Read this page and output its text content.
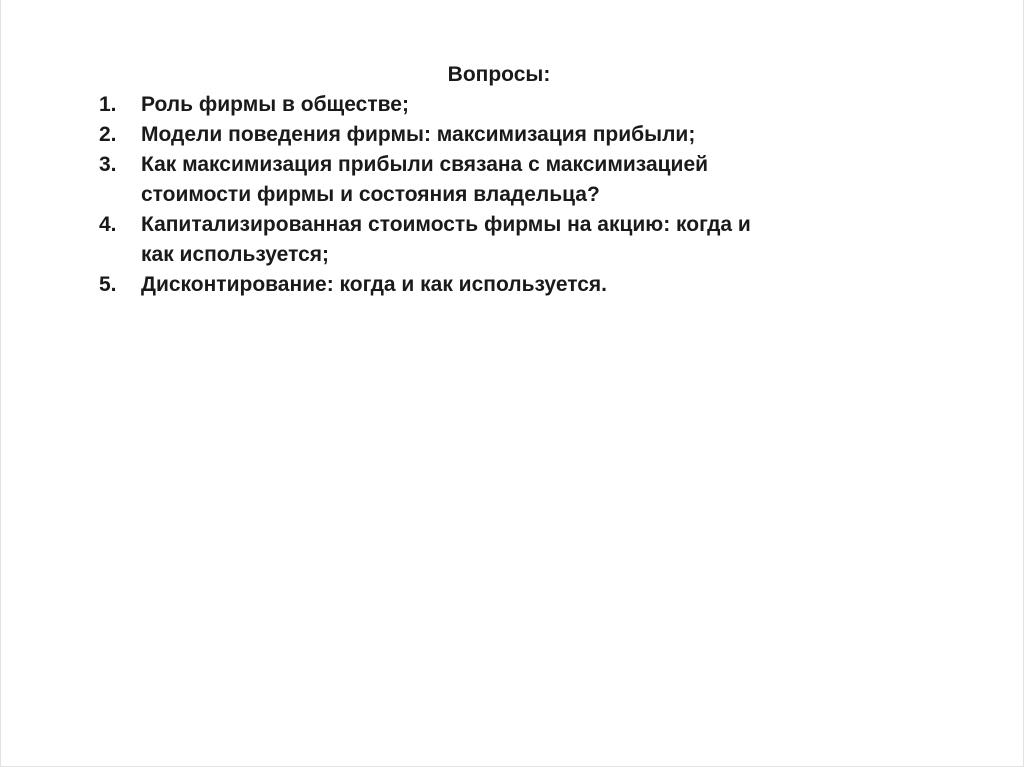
Вопросы:
1.	Роль фирмы в обществе;
2.	Модели поведения фирмы: максимизация прибыли;
3.	Как максимизация прибыли связана с максимизацией
стоимости фирмы и состояния владельца?
4.	Капитализированная стоимость фирмы на акцию: когда и
как используется;
5.	Дисконтирование: когда и как используется.
